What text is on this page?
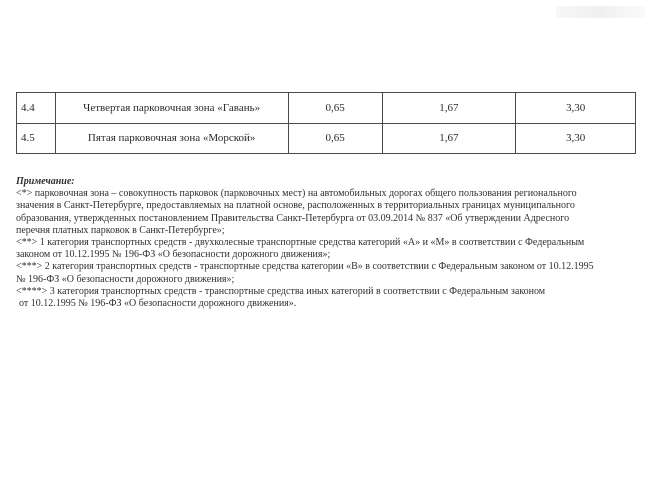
4.4	Четвертая парковочная зона «Гавань»	0,65	1,67	3,30
4.5	Пятая парковочная зона «Морской»	0,65	1,67	3,30

Примечание:

<*> парковочная зона – совокупность парковок (парковочных мест) на автомобильных дорогах общего пользования регионального

значения в Санкт-Петербурге, предоставляемых на платной основе, расположенных в территориальных границах муниципального

образования, утвержденных постановлением Правительства Санкт-Петербурга от 03.09.2014 № 837 «Об утверждении Адресного

перечня платных парковок в Санкт-Петербурге»;

<**> 1 категория транспортных средств - двухколесные транспортные средства категорий «А» и «М» в соответствии с Федеральным

законом от 10.12.1995 № 196-ФЗ «О безопасности дорожного движения»;

<***> 2 категория транспортных средств - транспортные средства категории «В» в соответствии с Федеральным законом от 10.12.1995

№ 196-ФЗ «О безопасности дорожного движения»;

<****> 3 категория транспортных средств - транспортные средства иных категорий в соответствии с Федеральным законом

от 10.12.1995 № 196-ФЗ «О безопасности дорожного движения».
